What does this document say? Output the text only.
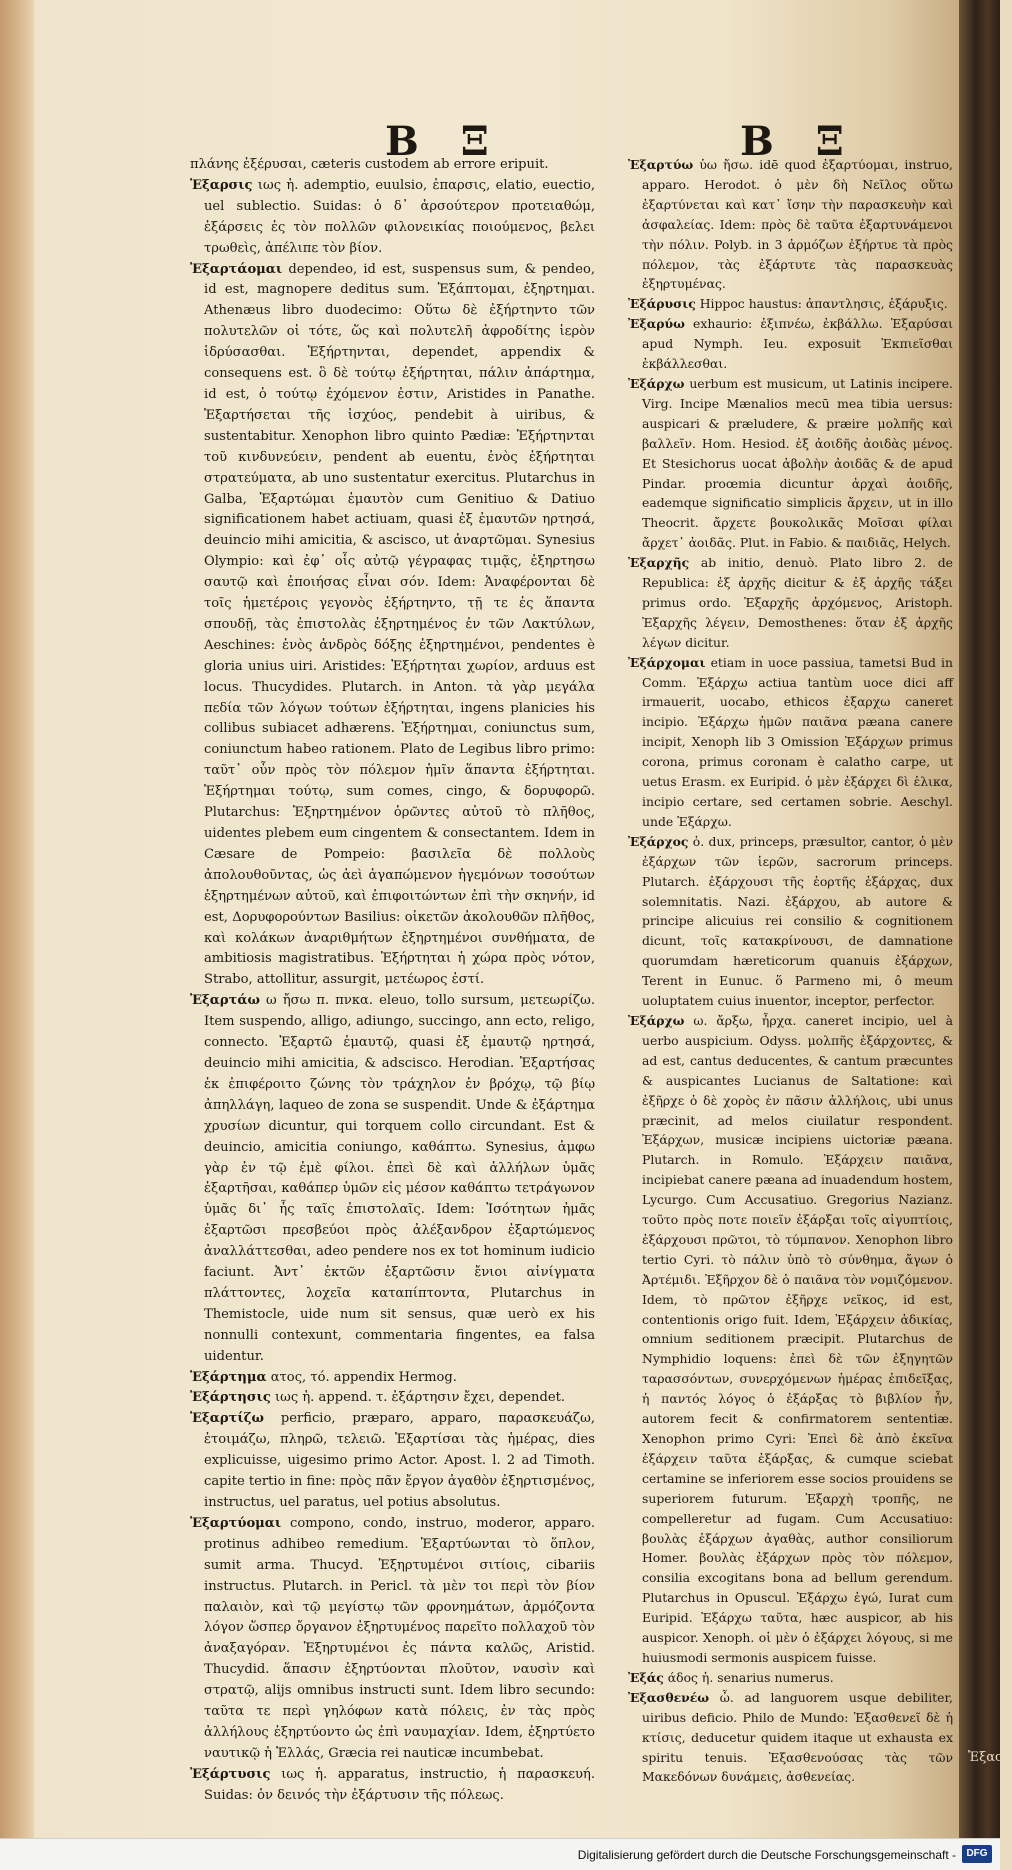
Β Ξ	Β Ξ

πλάνης ἐξέρυσαι, cæteris custodem ab errore eripuit.

Ἐξαρσις ιως ἡ. ademptio, euulsio, ἐπαρσις, elatio, euectio, uel sublectio. Suidas: ὁ δ᾽ ἀρσούτερον προτειαθώμ, ἐξάρσεις ἐς τὸν πολλῶν φιλονεικίας ποιούμενος, βελει τρωθεὶς, ἀπέλιπε τὸν βίον.

Ἐξαρτάομαι dependeo, id est, suspensus sum, & pendeo, id est, magnopere deditus sum. Ἐξάπτομαι, ἐξηρτημαι. Athenæus libro duodecimo: Οὕτω δὲ ἐξήρτηντο τῶν πολυτελῶν οἱ τότε, ὥς καὶ πολυτελῆ ἀφροδίτης ἱερὸν ἱδρύσασθαι. Ἐξήρτηνται, dependet, appendix & consequens est. ὃ δὲ τούτῳ ἐξήρτηται, πάλιν ἀπάρτημα, id est, ὁ τούτῳ ἐχόμενον ἐστιν, Aristides in Panathe. Ἐξαρτήσεται τῆς ἰσχύος, pendebit à uiribus, & sustentabitur. Xenophon libro quinto Pædiæ: Ἐξήρτηνται τοῦ κινδυνεύειν, pendent ab euentu, ἐνὸς ἐξήρτηται στρατεύματα, ab uno sustentatur exercitus. Plutarchus in Galba, Ἐξαρτώμαι ἐμαυτὸν cum Genitiuo & Datiuo significationem habet actiuam, quasi ἐξ ἐμαυτῶν ηρτησά, deuincio mihi amicitia, & ascisco, ut ἀναρτῶμαι. Synesius Olympio: καὶ ἐφ᾽ οἷς αὐτῷ γέγραφας τιμᾷς, ἐξηρτησω σαυτῷ καὶ ἐποιήσας εἶναι σόν. Idem: Ἀναφέρονται δὲ τοῖς ἡμετέροις γεγονὸς ἐξήρτηντο, τῇ τε ἐς ἅπαντα σπουδῇ, τὰς ἐπιστολὰς ἐξηρτημένος ἐν τῶν Λακτύλων, Aeschines: ἑνὸς ἀνδρὸς δόξης ἐξηρτημένοι, pendentes è gloria unius uiri. Aristides: Ἐξήρτηται χωρίον, arduus est locus. Thucydides. Plutarch. in Anton. τὰ γὰρ μεγάλα πεδία τῶν λόγων τούτων ἐξήρτηται, ingens planicies his collibus subiacet adhærens. Ἐξήρτημαι, coniunctus sum, coniunctum habeo rationem. Plato de Legibus libro primo: ταῦτ᾽ οὖν πρὸς τὸν πόλεμον ἡμῖν ἅπαντα ἐξήρτηται. Ἐξήρτημαι τούτῳ, sum comes, cingo, & δορυφορῶ. Plutarchus: Ἐξηρτημένον ὁρῶντες αὐτοῦ τὸ πλῆθος, uidentes plebem eum cingentem & consectantem. Idem in Cæsare de Pompeio: βασιλεῖα δὲ πολλοὺς ἀπολουθοῦντας, ὡς ἀεὶ ἀγαπώμενον ἡγεμόνων τοσούτων ἐξηρτημένων αὐτοῦ, καὶ ἐπιφοιτώντων ἐπὶ τὴν σκηνήν, id est, Δορυφορούντων Basilius: οἰκετῶν ἀκολουθῶν πλῆθος, καὶ κολάκων ἀναριθμήτων ἐξηρτημένοι συνθήματα, de ambitiosis magistratibus. Ἐξήρτηται ἡ χώρα πρὸς νότον, Strabo, attollitur, assurgit, μετέωρος ἐστί.

Ἐξαρτάω ω ἤσω π. πνκα. eleuo, tollo sursum, μετεωρίζω. Item suspendo, alligo, adiungo, succingo, ann ecto, religo, connecto. Ἐξαρτῶ ἐμαυτῷ, quasi ἐξ ἐμαυτῷ ηρτησά, deuincio mihi amicitia, & adscisco. Herodian. Ἐξαρτήσας ἐκ ἐπιφέροιτο ζώνης τὸν τράχηλον ἐν βρόχῳ, τῷ βίῳ ἀπηλλάγη, laqueo de zona se suspendit. Unde & ἐξάρτημα χρυσίων dicuntur, qui torquem collo circundant. Est & deuincio, amicitia coniungo, καθάπτω. Synesius, ἀμφω γὰρ ἐν τῷ ἐμὲ φίλοι. ἐπεὶ δὲ καὶ ἀλλήλων ὑμᾶς ἐξαρτῆσαι, καθάπερ ὑμῶν εἰς μέσον καθάπτω τετράγωνον ὑμᾶς δι᾽ ἧς ταῖς ἐπιστολαῖς. Idem: Ἰσότητων ἡμᾶς ἐξαρτῶσι πρεσβεύοι πρὸς ἀλέξανδρον ἐξαρτώμενος ἀναλλάττεσθαι, adeo pendere nos ex tot hominum iudicio faciunt. Ἀντ᾽ ἐκτῶν ἐξαρτῶσιν ἔνιοι αἰνίγματα πλάττοντες, λοχεῖα καταπίπτοντα, Plutarchus in Themistocle, uide num sit sensus, quæ uerò ex his nonnulli contexunt, commentaria fingentes, ea falsa uidentur.

Ἐξάρτημα ατος, τό. appendix Hermog.

Ἐξάρτησις ιως ἡ. append. τ. ἐξάρτησιν ἔχει, dependet.

Ἐξαρτίζω perficio, præparo, apparo, παρασκευάζω, ἑτοιμάζω, πληρῶ, τελειῶ. Ἐξαρτίσαι τὰς ἡμέρας, dies explicuisse, uigesimo primo Actor. Apost. l. 2 ad Timoth. capite tertio in fine: πρὸς πᾶν ἔργον ἀγαθὸν ἐξηρτισμένος, instructus, uel paratus, uel potius absolutus.

Ἐξαρτύομαι compono, condo, instruo, moderor, apparo. protinus adhibeo remedium. Ἐξαρτύωνται τὸ ὅπλον, sumit arma. Thucyd. Ἐξηρτυμένοι σιτίοις, cibariis instructus. Plutarch. in Pericl. τὰ μὲν τοι περὶ τὸν βίον παλαιὸν, καὶ τῷ μεγίστῳ τῶν φρονημάτων, ἁρμόζοντα λόγον ὥσπερ ὄργανον ἐξηρτυμένος παρεῖτο πολλαχοῦ τὸν ἀναξαγόραν. Ἐξηρτυμένοι ἐς πάντα καλῶς, Aristid. Thucydid. ἅπασιν ἐξηρτύονται πλοῦτον, ναυσὶν καὶ στρατῷ, alijs omnibus instructi sunt. Idem libro secundo: ταῦτα τε περὶ γηλόφων κατὰ πόλεις, ἐν τὰς πρὸς ἀλλήλους ἐξηρτύοντο ὡς ἐπὶ ναυμαχίαν. Idem, ἐξηρτύετο ναυτικῷ ἡ Ἑλλάς, Græcia rei nauticæ incumbebat.

Ἐξάρτυσις ιως ἡ. apparatus, instructio, ἡ παρασκευή. Suidas: ὁν δεινός τὴν ἐξάρτυσιν τῆς πόλεως.

Ἐξαρτύω ὑω ἤσω. idē quod ἐξαρτύομαι, instruo, apparo. Herodot. ὁ μὲν δὴ Νεῖλος οὕτω ἐξαρτύνεται καὶ κατ᾽ ἴσην τὴν παρασκευὴν καὶ ἀσφαλείας. Idem: πρὸς δὲ ταῦτα ἐξαρτυνάμενοι τὴν πόλιν. Polyb. in 3 ἀρμόζων ἐξήρτυε τὰ πρὸς πόλεμον, τὰς ἐξάρτυτε τὰς παρασκευὰς ἐξηρτυμένας.

Ἐξάρυσις Hippoc haustus: ἀπαντλησις, ἐξάρυξις.

Ἐξαρύω exhaurio: ἐξιπνέω, ἐκβάλλω. Ἐξαρύσαι apud Nymph. Ieu. exposuit Ἐκπιεῖσθαι ἐκβάλλεσθαι.

Ἐξάρχω uerbum est musicum, ut Latinis incipere. Virg. Incipe Mænalios mecū mea tibia uersus: auspicari & præludere, & præire μολπῆς καὶ βαλλεῖν. Hom. Hesiod. ἐξ ἀοιδῆς ἀοιδὰς μένος. Et Stesichorus uocat ἀβολὴν ἀοιδᾶς & de apud Pindar. proœmia dicuntur ἀρχαὶ ἀοιδῆς, eademque significatio simplicis ἄρχειν, ut in illo Theocrit. ἄρχετε βουκολικᾶς Μοῖσαι φίλαι ἄρχετ᾽ ἀοιδᾶς. Plut. in Fabio. & παιδιᾶς, Helych.

Ἐξαρχῆς ab initio, denuò. Plato libro 2. de Republica: ἐξ ἀρχῆς dicitur & ἐξ ἀρχῆς τάξει primus ordo. Ἐξαρχῆς ἀρχόμενος, Aristoph. Ἐξαρχῆς λέγειν, Demosthenes: ὅταν ἐξ ἀρχῆς λέγων dicitur.

Ἐξάρχομαι etiam in uoce passiua, tametsi Bud in Comm. Ἐξάρχω actiua tantùm uoce dici aff irmauerit, uocabo, ethicos ἐξαρχω caneret incipio. Ἐξάρχω ἡμῶν παιᾶνα pæana canere incipit, Xenoph lib 3 Omission Ἐξάρχων primus corona, primus coronam è calatho carpe, ut uetus Erasm. ex Euripid. ὁ μὲν ἐξάρχει δὶ ἑλικα, incipio certare, sed certamen sobrie. Aeschyl. unde Ἐξάρχω.

Ἐξάρχος ὁ. dux, princeps, præsultor, cantor, ὁ μὲν ἐξάρχων τῶν ἱερῶν, sacrorum princeps. Plutarch. ἐξάρχουσι τῆς ἑορτῆς ἐξάρχας, dux solemnitatis. Nazi. ἐξάρχου, ab autore & principe alicuius rei consilio & cognitionem dicunt, τοῖς κατακρίνουσι, de damnatione quorumdam hæreticorum quanuis ἐξάρχων, Terent in Eunuc. ὅ Parmeno mi, ô meum uoluptatem cuius inuentor, inceptor, perfector.

Ἐξάρχω ω. ἄρξω, ἦρχα. caneret incipio, uel à uerbo auspicium. Odyss. μολπῆς ἐξάρχοντες, & ad est, cantus deducentes, & cantum præcuntes & auspicantes Lucianus de Saltatione: καὶ ἐξῆρχε ὁ δὲ χορὸς ἐν πᾶσιν ἀλλήλοις, ubi unus præcinit, ad melos ciuilatur respondent. Ἐξάρχων, musicæ incipiens uictoriæ pæana. Plutarch. in Romulo. Ἐξάρχειν παιᾶνα, incipiebat canere pæana ad inuadendum hostem, Lycurgo. Cum Accusatiuo. Gregorius Nazianz. τοῦτο πρὸς ποτε ποιεῖν ἐξάρξαι τοῖς αἰγυπτίοις, ἐξάρχουσι πρῶτοι, τὸ τύμπανον. Xenophon libro tertio Cyri. τὸ πάλιν ὑπὸ τὸ σύνθημα, ἄγων ὁ Ἀρτέμιδι. Ἐξῆρχον δὲ ὁ παιᾶνα τὸν νομιζόμενον. Idem, τὸ πρῶτον ἐξῆρχε νεῖκος, id est, contentionis origo fuit. Idem, Ἐξάρχειν ἀδικίας, omnium seditionem præcipit. Plutarchus de Nymphidio loquens: ἐπεὶ δὲ τῶν ἐξηγητῶν ταρασσόντων, συνερχόμενων ἡμέρας ἐπιδεῖξας, ἡ παντός λόγος ὁ ἐξάρξας τὸ βιβλίον ἦν, autorem fecit & confirmatorem sententiæ. Xenophon primo Cyri: Ἐπεὶ δὲ ἀπὸ ἐκεῖνα ἐξάρχειν ταῦτα ἐξάρξας, & cumque sciebat certamine se inferiorem esse socios prouidens se superiorem futurum. Ἐξαρχὴ τροπῆς, ne compelleretur ad fugam. Cum Accusatiuo: βουλὰς ἐξάρχων ἀγαθὰς, author consiliorum Homer. βουλὰς ἐξάρχων πρὸς τὸν πόλεμον, consilia excogitans bona ad bellum gerendum. Plutarchus in Opuscul. Ἐξάρχω ἐγώ, Iurat cum Euripid. Ἐξάρχω ταῦτα, hæc auspicor, ab his auspicor. Xenoph. οἱ μὲν ὁ ἐξάρχει λόγους, si me huiusmodi sermonis auspicem fuisse.

Ἐξάς άδος ἡ. senarius numerus.

Ἐξασθενέω ὦ. ad languorem usque debiliter, uiribus deficio. Philo de Mundo: Ἐξασθενεῖ δὲ ἡ κτίσις, deducetur quidem itaque ut exhausta ex spiritu tenuis. Ἐξασθενούσας τὰς τῶν Μακεδόνων δυνάμεις, ἀσθενείας.

Ἐξασθ
Digitalisierung gefördert durch die Deutsche Forschungsgemeinschaft -	DFG
